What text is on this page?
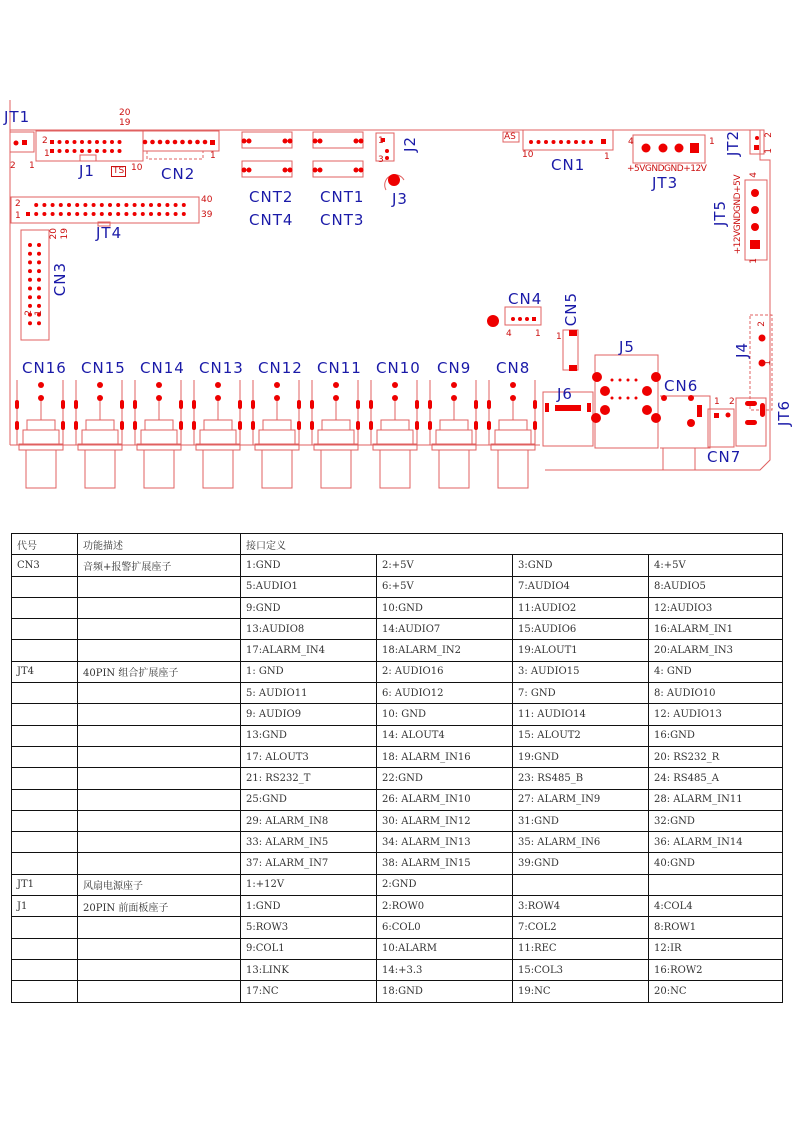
JT1
J1	CN2
CNT2
CNT4
CNT1
CNT3
J2
J3
CN1
JT3
JT2
JT5
JT4
CN3
CN4 CN5
J5	J4
J6	CN6
CN7
JT6
CN16 CN15 CN14 CN13 CN12 CN11 CN10 CN9 CN8
20
19
2
1
10
TS
2 1
1
2
1
40
39
20 19
2 1
1
3
AS
10	1
4	1
+5VGNDGND+12V
2
1
4
1
+12VGNDGND+5V
4	1 1
2
1
1 2
代号	功能描述	接口定义			
CN3	音频+报警扩展座子	1:GND	2:+5V	3:GND	4:+5V
		5:AUDIO1	6:+5V	7:AUDIO4	8:AUDIO5
		9:GND	10:GND	11:AUDIO2	12:AUDIO3
		13:AUDIO8	14:AUDIO7	15:AUDIO6	16:ALARM_IN1
		17:ALARM_IN4	18:ALARM_IN2	19:ALOUT1	20:ALARM_IN3
JT4	40PIN 组合扩展座子	1: GND	2: AUDIO16	3: AUDIO15	4: GND
		5: AUDIO11	6: AUDIO12	7: GND	8: AUDIO10
		9: AUDIO9	10: GND	11: AUDIO14	12: AUDIO13
		13:GND	14: ALOUT4	15: ALOUT2	16:GND
		17: ALOUT3	18: ALARM_IN16	19:GND	20: RS232_R
		21: RS232_T	22:GND	23: RS485_B	24: RS485_A
		25:GND	26: ALARM_IN10	27: ALARM_IN9	28: ALARM_IN11
		29: ALARM_IN8	30: ALARM_IN12	31:GND	32:GND
		33: ALARM_IN5	34: ALARM_IN13	35: ALARM_IN6	36: ALARM_IN14
		37: ALARM_IN7	38: ALARM_IN15	39:GND	40:GND
JT1	风扇电源座子	1:+12V	2:GND		
J1	20PIN 前面板座子	1:GND	2:ROW0	3:ROW4	4:COL4
		5:ROW3	6:COL0	7:COL2	8:ROW1
		9:COL1	10:ALARM	11:REC	12:IR
		13:LINK	14:+3.3	15:COL3	16:ROW2
		17:NC	18:GND	19:NC	20:NC
